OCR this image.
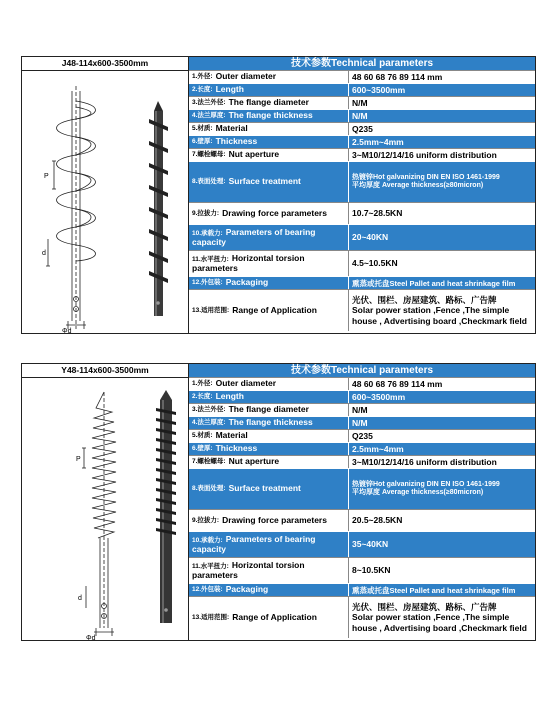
J48-114x600-3500mm
P
d
Φd
技术参数Technical parameters
1.外径: Outer diameter	48 60 68 76 89 114 mm
2.长度: Length	600~3500mm
3.法兰外径: The flange diameter	N/M
4.法兰厚度: The flange thickness	N/M
5.材质: Material	Q235
6.壁厚: Thickness	2.5mm~4mm
7.螺栓螺母: Nut aperture	3~M10/12/14/16 uniform distribution
8.表面处理: Surface treatment	热镀锌Hot galvanizing DIN EN ISO 1461-1999
平均厚度 Average thickness(≥80micron)
9.拉拔力: Drawing force parameters	10.7~28.5KN
10.承载力: Parameters of bearing capacity	20~40KN
11.水平扭力: Horizontal torsion parameters	4.5~10.5KN
12.外包装: Packaging	熏蒸或托盘Steel Pallet and heat shrinkage film
13.适用范围: Range of Application
光伏、围栏、房屋建筑、路标、广告牌
Solar power station ,Fence ,The simple
house , Advertising board ,Checkmark field
Y48-114x600-3500mm
P
d
Φd
技术参数Technical parameters
1.外径: Outer diameter	48 60 68 76 89 114 mm
2.长度: Length	600~3500mm
3.法兰外径: The flange diameter	N/M
4.法兰厚度: The flange thickness	N/M
5.材质: Material	Q235
6.壁厚: Thickness	2.5mm~4mm
7.螺栓螺母: Nut aperture	3~M10/12/14/16 uniform distribution
8.表面处理: Surface treatment	热镀锌Hot galvanizing DIN EN ISO 1461-1999
平均厚度 Average thickness(≥80micron)
9.拉拔力: Drawing force parameters	20.5~28.5KN
10.承载力: Parameters of bearing capacity	35~40KN
11.水平扭力: Horizontal torsion parameters	8~10.5KN
12.外包装: Packaging	熏蒸或托盘Steel Pallet and heat shrinkage film
13.适用范围: Range of Application
光伏、围栏、房屋建筑、路标、广告牌
Solar power station ,Fence ,The simple
house , Advertising board ,Checkmark field
